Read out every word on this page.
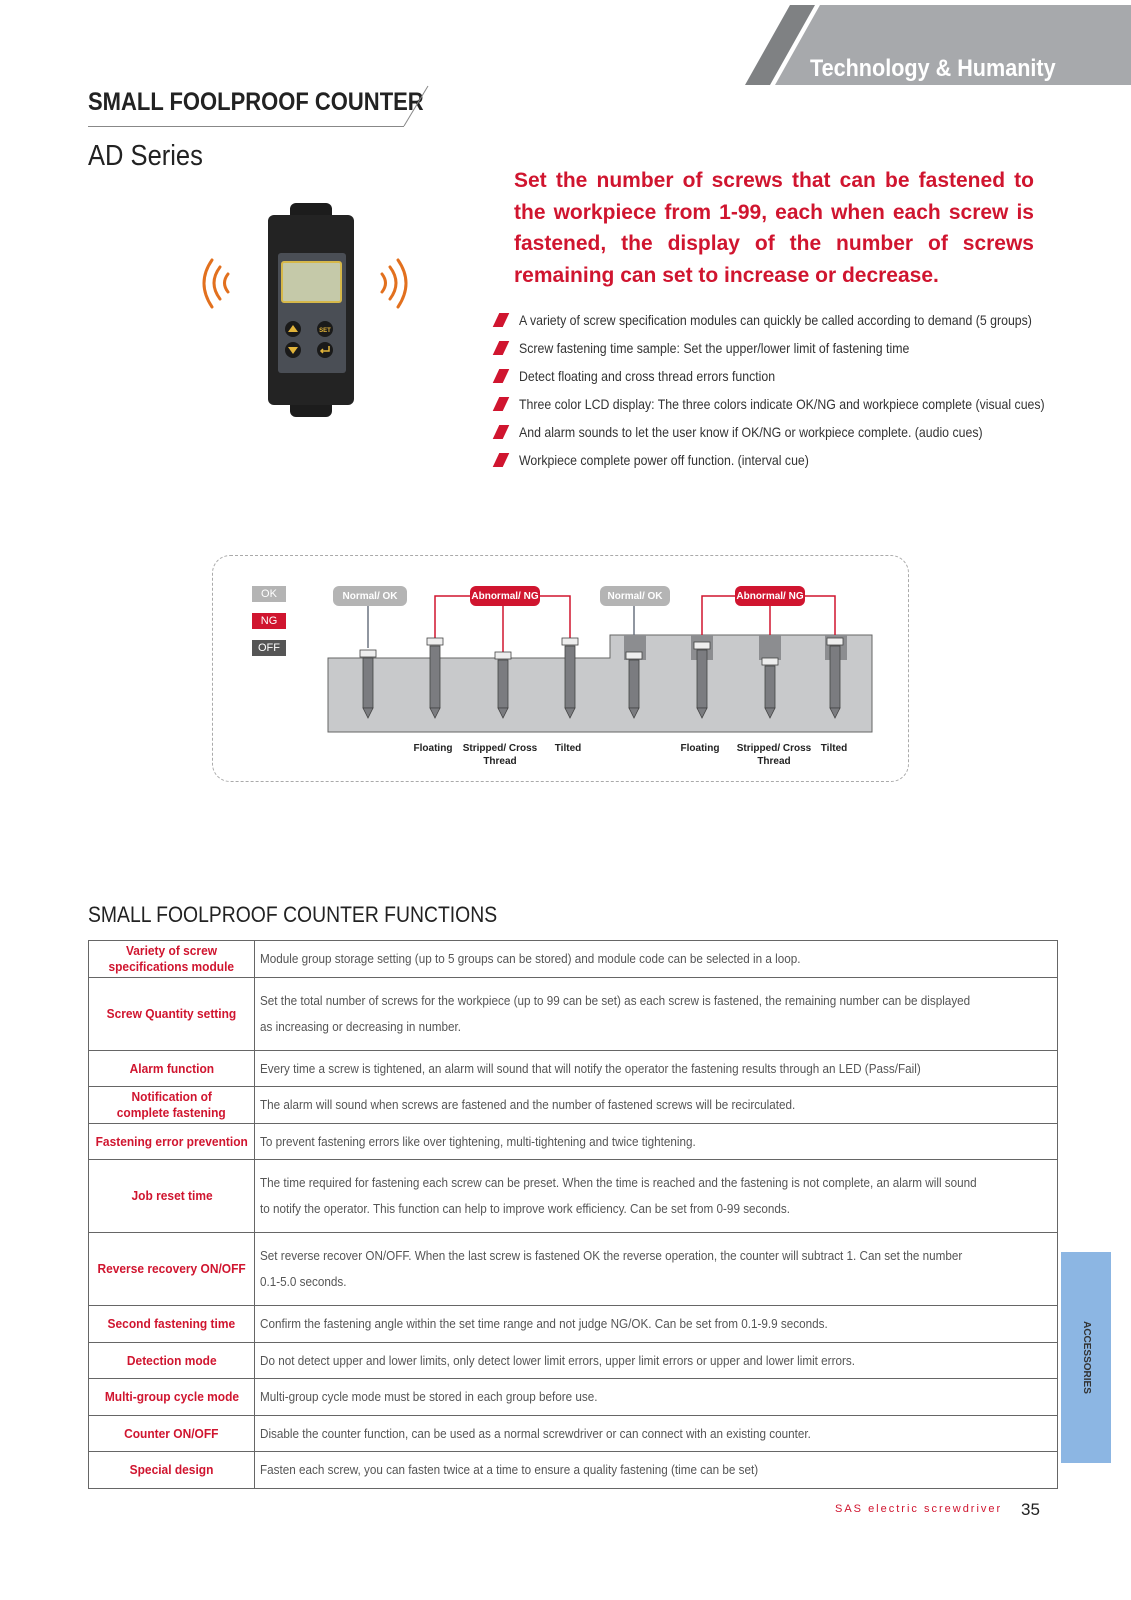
Technology & Humanity
SMALL FOOLPROOF COUNTER
AD Series
SET
Set the number of screws that can be fastened to the workpiece from 1-99, each when each screw is fastened, the display of the number of screws remaining can set to increase or decrease.
A variety of screw specification modules can quickly be called according to demand (5 groups)
Screw fastening time sample: Set the upper/lower limit of fastening time
Detect floating and cross thread errors function
Three color LCD display: The three colors indicate OK/NG and workpiece complete (visual cues)
And alarm sounds to let the user know if OK/NG or workpiece complete. (audio cues)
Workpiece complete power off function. (interval cue)
OK
NG
OFF
Normal/ OK	Abnormal/ NG	Normal/ OK	Abnormal/ NG
Floating	Stripped/ Cross
Thread
Tilted	Floating	Stripped/ Cross
Thread
Tilted
SMALL FOOLPROOF COUNTER FUNCTIONS
Variety of screw
specifications module	Module group storage setting (up to 5 groups can be stored) and module code can be selected in a loop.
Screw Quantity setting	Set the total number of screws for the workpiece (up to 99 can be set) as each screw is fastened, the remaining number can be displayed
as increasing or decreasing in number.
Alarm function	Every time a screw is tightened, an alarm will sound that will notify the operator the fastening results through an LED (Pass/Fail)
Notification of
complete fastening	The alarm will sound when screws are fastened and the number of fastened screws will be recirculated.
Fastening error prevention	To prevent fastening errors like over tightening, multi-tightening and twice tightening.
Job reset time	The time required for fastening each screw can be preset. When the time is reached and the fastening is not complete, an alarm will sound
to notify the operator. This function can help to improve work efficiency. Can be set from 0-99 seconds.
Reverse recovery ON/OFF	Set reverse recover ON/OFF. When the last screw is fastened OK the reverse operation, the counter will subtract 1. Can set the number
0.1-5.0 seconds.
Second fastening time	Confirm the fastening angle within the set time range and not judge NG/OK. Can be set from 0.1-9.9 seconds.
Detection mode	Do not detect upper and lower limits, only detect lower limit errors, upper limit errors or upper and lower limit errors.
Multi-group cycle mode	Multi-group cycle mode must be stored in each group before use.
Counter ON/OFF	Disable the counter function, can be used as a normal screwdriver or can connect with an existing counter.
Special design	Fasten each screw, you can fasten twice at a time to ensure a quality fastening (time can be set)
ACCESSORIES
SAS electric screwdriver 35
